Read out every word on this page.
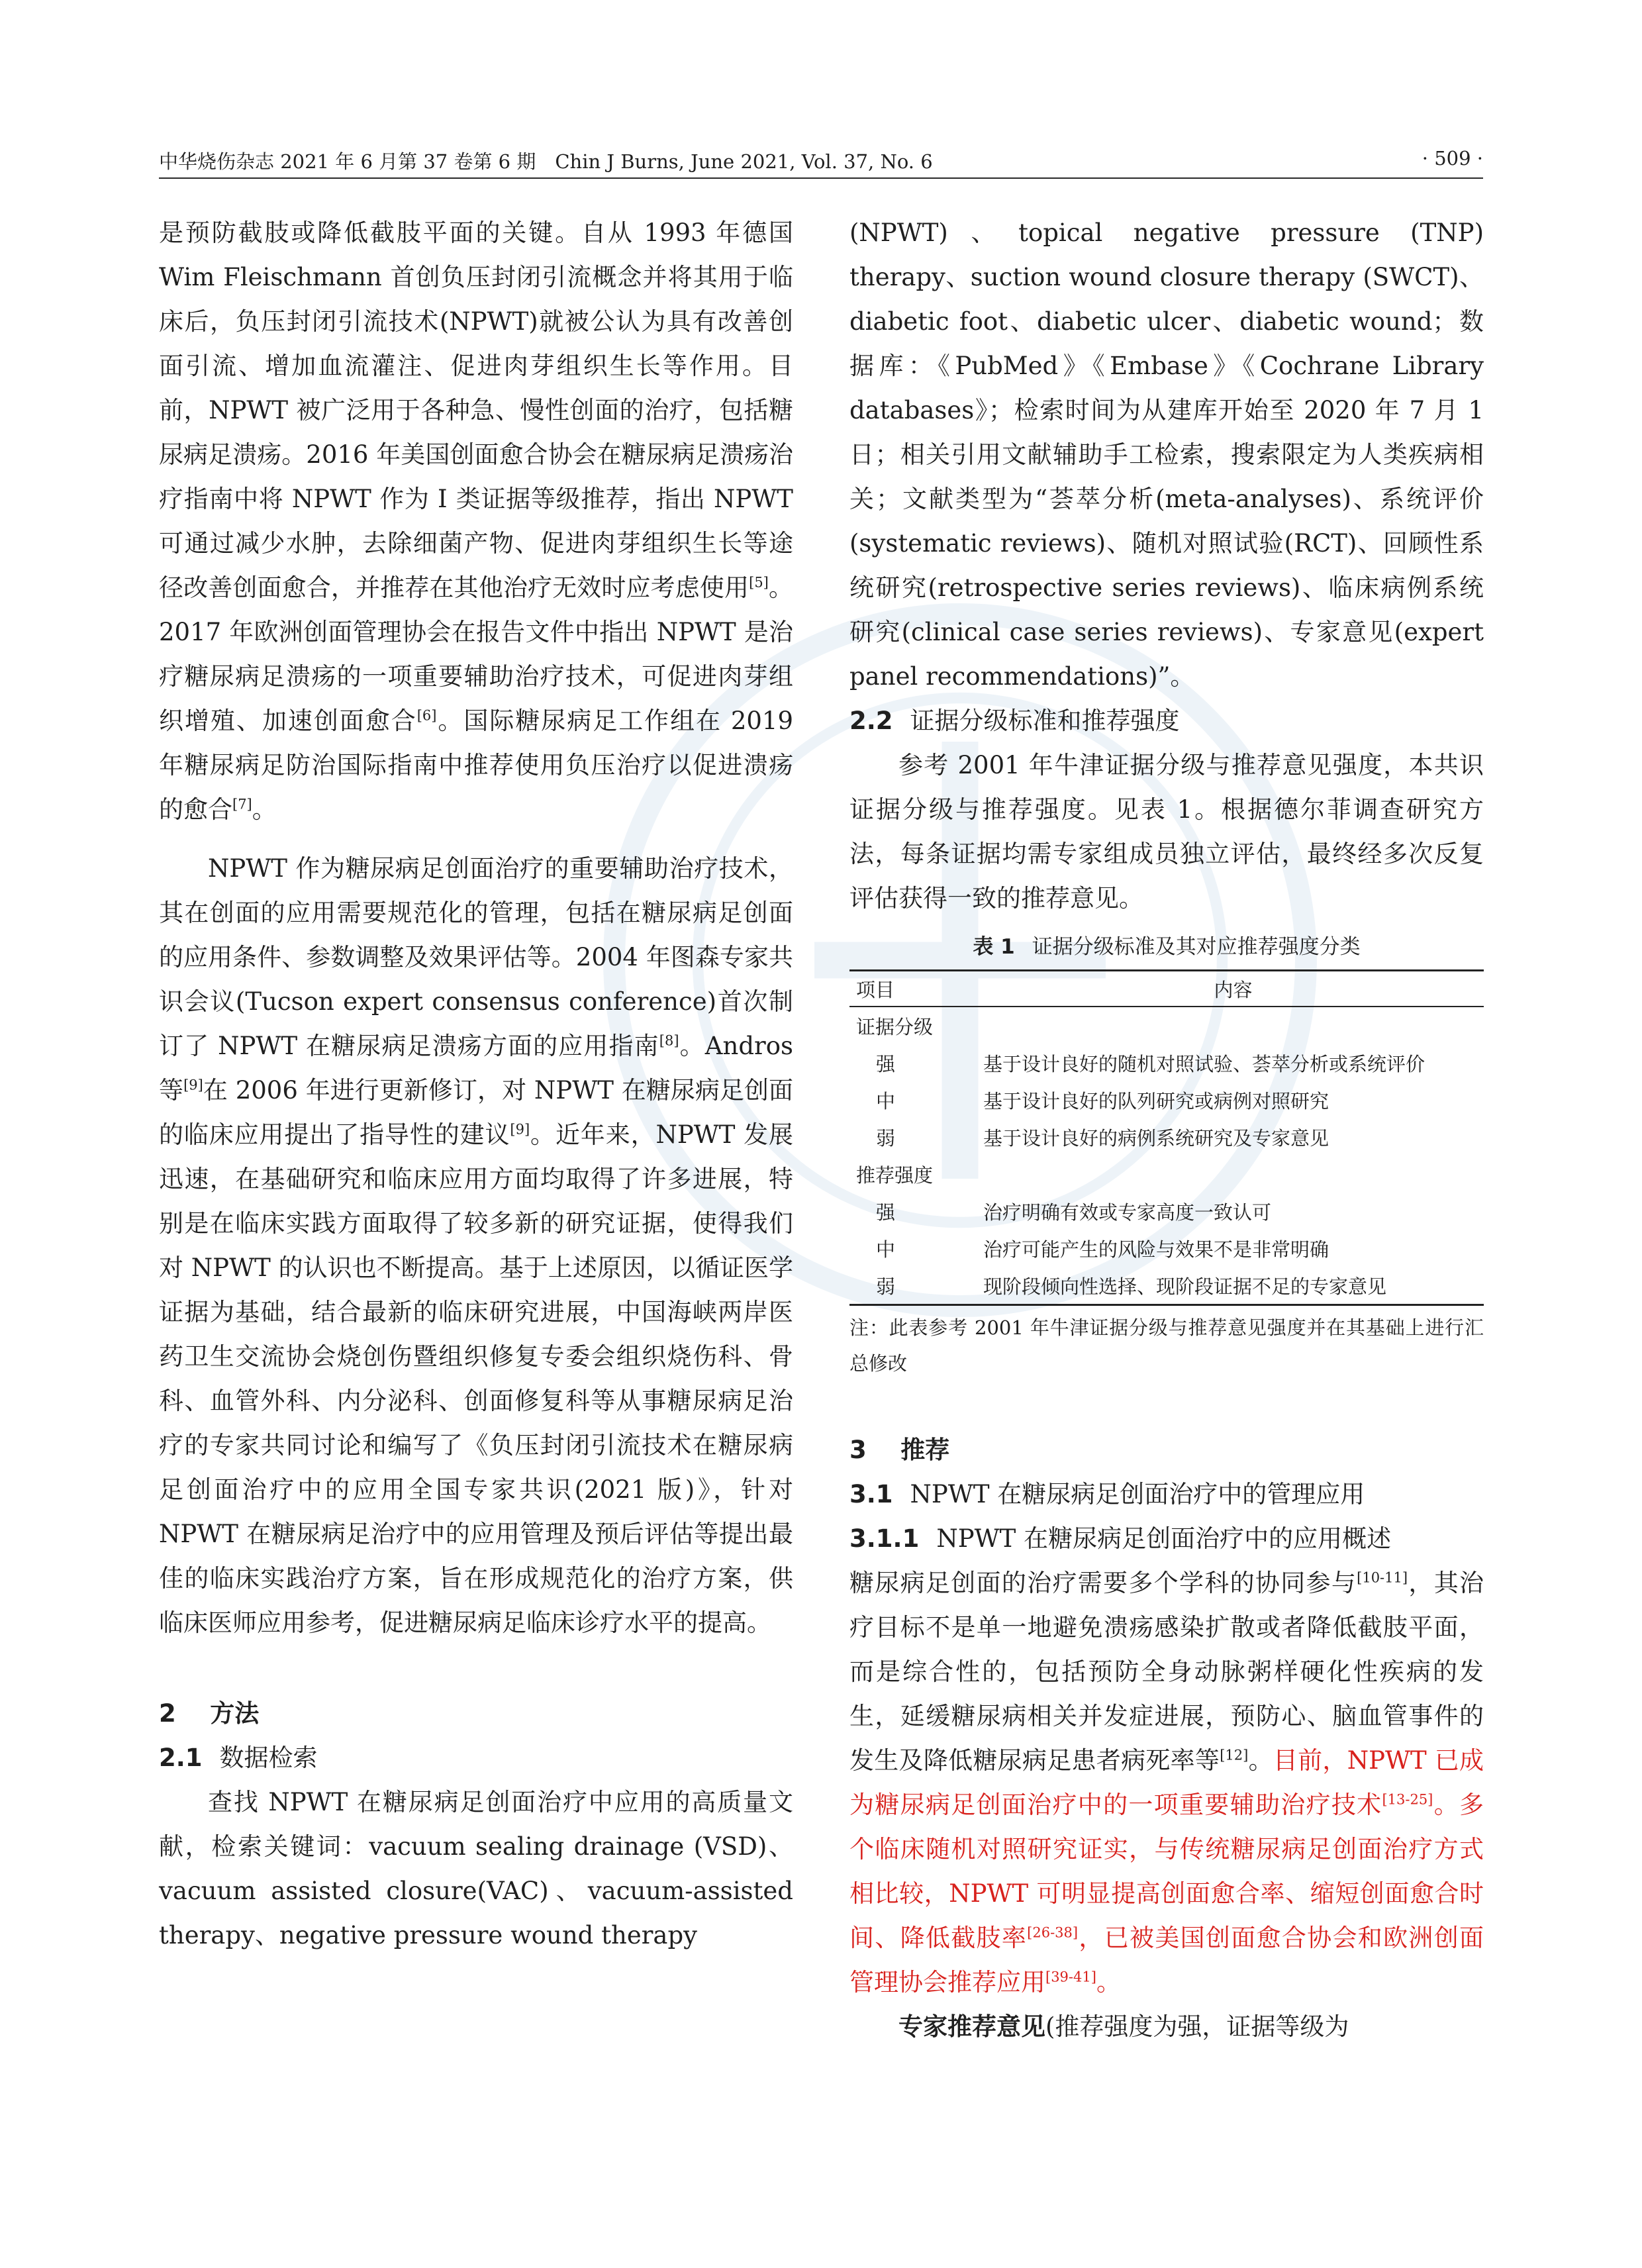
中华烧伤杂志 2021 年 6 月第 37 卷第 6 期　Chin J Burns, June 2021, Vol. 37, No. 6	· 509 ·

是预防截肢或降低截肢平面的关键。自从 1993 年德国 Wim Fleischmann 首创负压封闭引流概念并将其用于临床后，负压封闭引流技术(NPWT)就被公认为具有改善创面引流、增加血流灌注、促进肉芽组织生长等作用。目前，NPWT 被广泛用于各种急、慢性创面的治疗，包括糖尿病足溃疡。2016 年美国创面愈合协会在糖尿病足溃疡治疗指南中将 NPWT 作为 Ⅰ 类证据等级推荐，指出 NPWT 可通过减少水肿，去除细菌产物、促进肉芽组织生长等途径改善创面愈合，并推荐在其他治疗无效时应考虑使用[5]。2017 年欧洲创面管理协会在报告文件中指出 NPWT 是治疗糖尿病足溃疡的一项重要辅助治疗技术，可促进肉芽组织增殖、加速创面愈合[6]。国际糖尿病足工作组在 2019 年糖尿病足防治国际指南中推荐使用负压治疗以促进溃疡的愈合[7]。

NPWT 作为糖尿病足创面治疗的重要辅助治疗技术，其在创面的应用需要规范化的管理，包括在糖尿病足创面的应用条件、参数调整及效果评估等。2004 年图森专家共识会议(Tucson expert consensus conference)首次制订了 NPWT 在糖尿病足溃疡方面的应用指南[8]。Andros 等[9]在 2006 年进行更新修订，对 NPWT 在糖尿病足创面的临床应用提出了指导性的建议[9]。近年来，NPWT 发展迅速，在基础研究和临床应用方面均取得了许多进展，特别是在临床实践方面取得了较多新的研究证据，使得我们对 NPWT 的认识也不断提高。基于上述原因，以循证医学证据为基础，结合最新的临床研究进展，中国海峡两岸医药卫生交流协会烧创伤暨组织修复专委会组织烧伤科、骨科、血管外科、内分泌科、创面修复科等从事糖尿病足治疗的专家共同讨论和编写了《负压封闭引流技术在糖尿病足创面治疗中的应用全国专家共识(2021 版)》，针对 NPWT 在糖尿病足治疗中的应用管理及预后评估等提出最佳的临床实践治疗方案，旨在形成规范化的治疗方案，供临床医师应用参考，促进糖尿病足临床诊疗水平的提高。

2 方法
2.1 数据检索

查找 NPWT 在糖尿病足创面治疗中应用的高质量文献，检索关键词：vacuum sealing drainage (VSD)、vacuum assisted closure(VAC)、vacuum-assisted therapy、negative pressure wound therapy

(NPWT)、topical negative pressure (TNP) therapy、suction wound closure therapy (SWCT)、diabetic foot、diabetic ulcer、diabetic wound；数据库：《PubMed》《Embase》《Cochrane Library databases》；检索时间为从建库开始至 2020 年 7 月 1 日；相关引用文献辅助手工检索，搜索限定为人类疾病相关；文献类型为“荟萃分析(meta-analyses)、系统评价(systematic reviews)、随机对照试验(RCT)、回顾性系统研究(retrospective series reviews)、临床病例系统研究(clinical case series reviews)、专家意见(expert panel recommendations)”。

2.2 证据分级标准和推荐强度

参考 2001 年牛津证据分级与推荐意见强度，本共识证据分级与推荐强度。见表 1。根据德尔菲调查研究方法，每条证据均需专家组成员独立评估，最终经多次反复评估获得一致的推荐意见。

表 1 证据分级标准及其对应推荐强度分类
项目	内容
证据分级	
强	基于设计良好的随机对照试验、荟萃分析或系统评价
中	基于设计良好的队列研究或病例对照研究
弱	基于设计良好的病例系统研究及专家意见
推荐强度	
强	治疗明确有效或专家高度一致认可
中	治疗可能产生的风险与效果不是非常明确
弱	现阶段倾向性选择、现阶段证据不足的专家意见
注：此表参考 2001 年牛津证据分级与推荐意见强度并在其基础上进行汇总修改
3 推荐
3.1 NPWT 在糖尿病足创面治疗中的管理应用
3.1.1 NPWT 在糖尿病足创面治疗中的应用概述

糖尿病足创面的治疗需要多个学科的协同参与[10-11]，其治疗目标不是单一地避免溃疡感染扩散或者降低截肢平面，而是综合性的，包括预防全身动脉粥样硬化性疾病的发生，延缓糖尿病相关并发症进展，预防心、脑血管事件的发生及降低糖尿病足患者病死率等[12]。目前，NPWT 已成为糖尿病足创面治疗中的一项重要辅助治疗技术[13-25]。多个临床随机对照研究证实，与传统糖尿病足创面治疗方式相比较，NPWT 可明显提高创面愈合率、缩短创面愈合时间、降低截肢率[26-38]，已被美国创面愈合协会和欧洲创面管理协会推荐应用[39-41]。

专家推荐意见(推荐强度为强，证据等级为
